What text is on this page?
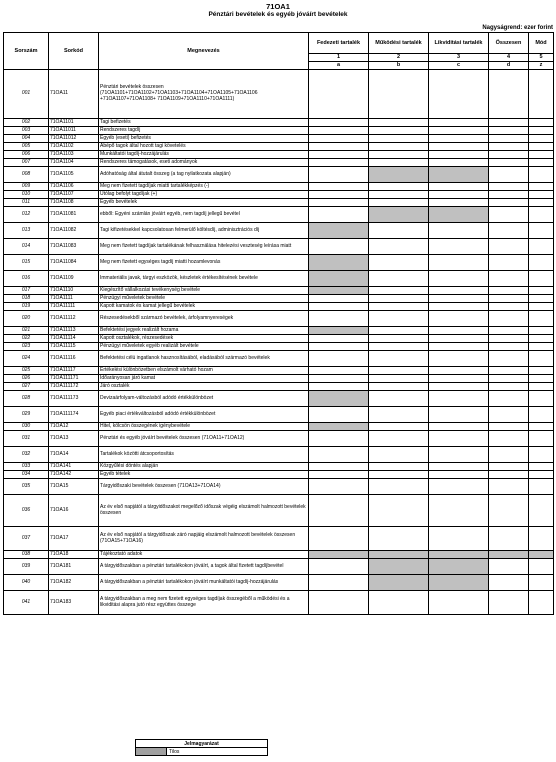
71OA1
Pénztári bevételek és egyéb jóváírt bevételek
Nagyságrend: ezer forint
Sorszám	Sorkód	Megnevezés	Fedezeti tartalék	Működési tartalék	Likviditási tartalék	Összesen	Mód
			1	2	3	4	5
			a	b	c	d	z
001	71OA11	Pénztári bevételek összesen (71OA1101+71OA1102+71OA1103+71OA1104+71OA1105+71OA1106 +71OA1107+71OA1108+ 71OA1109+71OA1110+71OA1111)					
002	71OA1101	Tagi befizetés					
003	71OA11011	Rendszeres tagdíj					
004	71OA11012	Egyéb (eseti) befizetés					
005	71OA1102	Ábépő tagok által hozott tagi követelés					
006	71OA1103	Munkáltatói tagdíj-hozzájárulás					
007	71OA1104	Rendszeres támogatások, eseti adományok					
008	71OA1105	Adóhatóság által átutalt összeg (a tag nyilatkozata alapján)					
009	71OA1106	Meg nem fizetett tagdíjak miatti tartalékképzés (-)					
010	71OA1107	Utólag befolyt tagdíjak (+)					
011	71OA1108	Egyéb bevételek					
012	71OA11081	ebből: Egyéni számlán jóváírt egyéb, nem tagdíj jellegű bevétel					
013	71OA11082	Tagi kifizetésekkel kapcsolatosan felmerülő költésdíj, adminisztrációs díj					
014	71OA11083	Meg nem fizetett tagdíjak tartalékának felhasználása hitelezési veszteség leírása miatt					
015	71OA11084	Meg nem fizetett egységes tagdíj miatti hozamlevonás					
016	71OA1109	Immateriális javak, tárgyi eszközök, készletek értékesítésének bevétele					
017	71OA1110	Kiegészítő vállalkozási tevékenység bevétele					
018	71OA1111	Pénzügyi műveletek bevétele					
019	71OA11111	Kapott kamatok és kamat jellegű bevételek					
020	71OA11112	Részesedésekből származó bevételek, árfolyamnyereségek					
021	71OA11113	Befektetési jegyek realizált hozama					
022	71OA11114	Kapott osztalékok, részesedések					
023	71OA11115	Pénzügyi műveletek egyéb realizált bevétele					
024	71OA11116	Befektetési célú ingatlanok hasznosításából, eladásából származó bevételek					
025	71OA11117	Értékelési különbözetben elszámolt várható hozam					
026	71OA111171	Időarányosan járó kamat					
027	71OA111172	Járó osztalék					
028	71OA111173	Devizaárfolyam-változásból adódó értékkülönbözet					
029	71OA111174	Egyéb piaci értékváltozásból adódó értékkülönbözet					
030	71OA12	Hitel, kölcsön összegének igénybevétele					
031	71OA13	Pénztári és egyéb jóváírt bevételek összesen (71OA11+71OA12)					
032	71OA14	Tartalékok közötti átcsoportosítás					
033	71OA141	Közgyűlési döntés alapján					
034	71OA142	Egyéb tételek					
035	71OA15	Tárgyidőszaki bevételek összesen (71OA13+71OA14)					
036	71OA16	Az év első napjától a tárgyidőszakot megelőző időszak végéig elszámolt halmozott bevételek összesen					
037	71OA17	Az év első napjától a tárgyidőszak záró napjáig elszámolt halmozott bevételek összesen (71OA15+71OA16)					
038	71OA18	Tájékoztató adatok					
039	71OA181	A tárgyidőszakban a pénztári tartalékokon jóváírt, a tagok által fizetett tagdíjbevétel					
040	71OA182	A tárgyidőszakban a pénztári tartalékokon jóváírt munkáltatói tagdíj-hozzájárulás					
041	71OA183	A tárgyidőszakban a meg nem fizetett egységes tagdíjak összegéből a működési és a likviditási alapra jutó rész együttes összege					
Jelmagyarázat
	Tilos
